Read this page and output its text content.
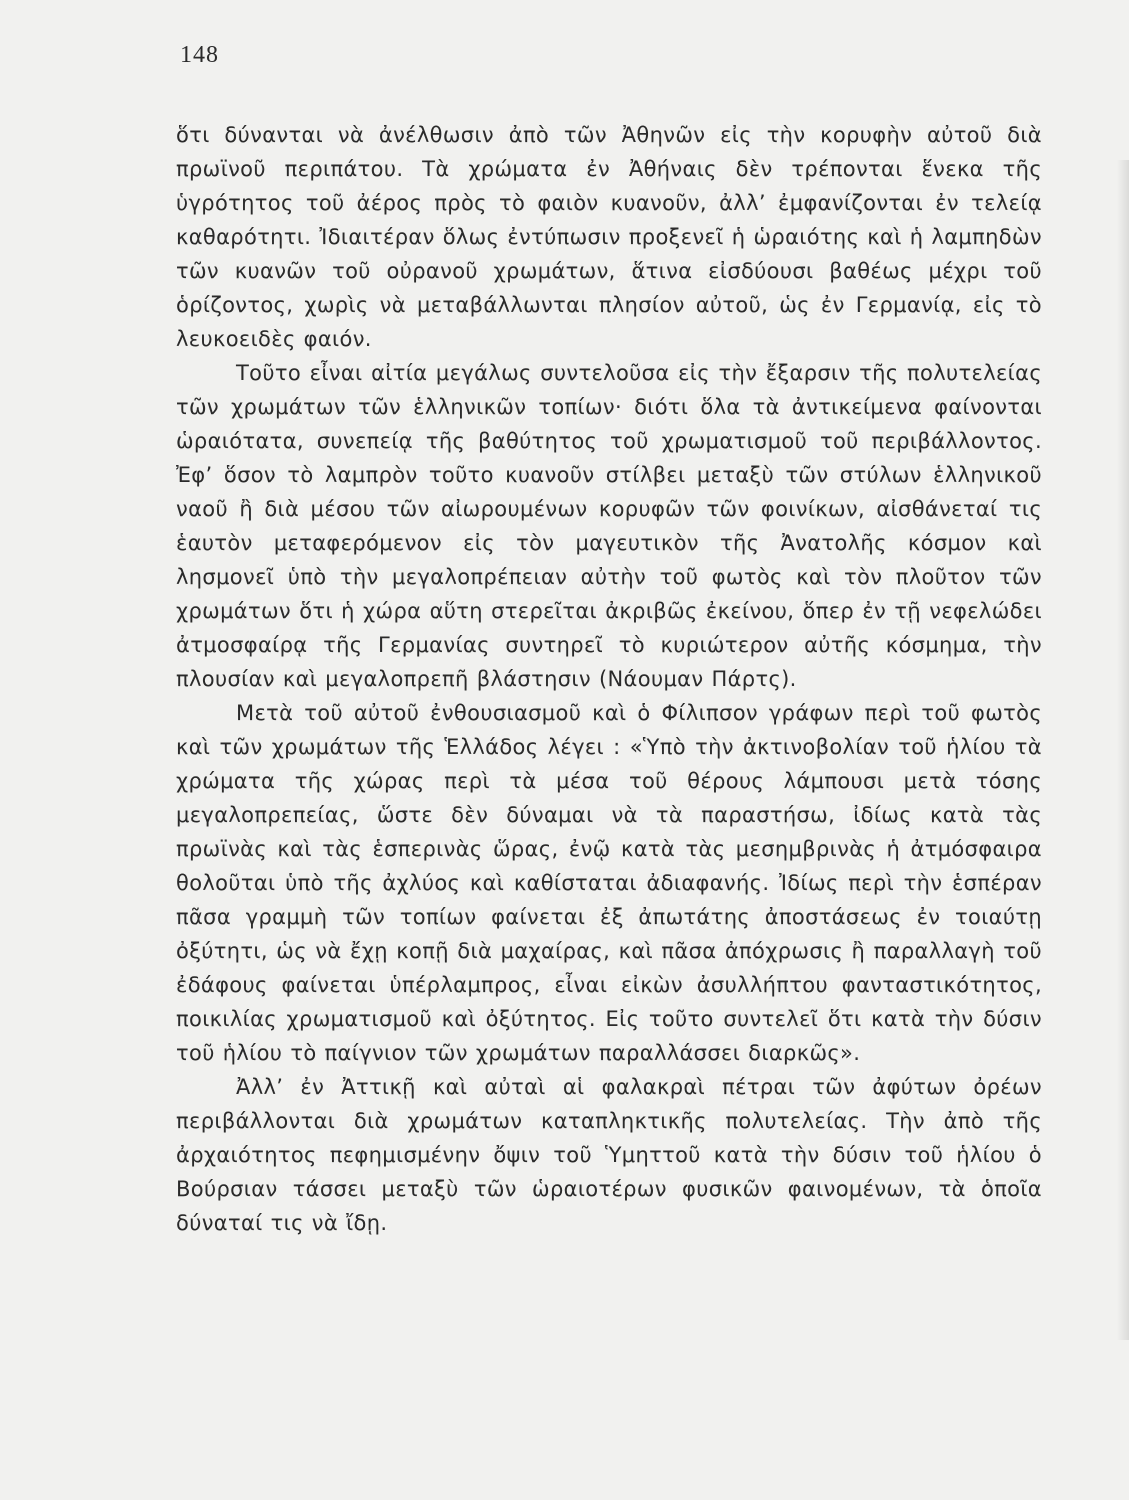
148

ὅτι δύνανται νὰ ἀνέλθωσιν ἀπὸ τῶν Ἀθηνῶν εἰς τὴν κορυφὴν αὐτοῦ διὰ πρωϊνοῦ περιπάτου. Τὰ χρώματα ἐν Ἀθήναις δὲν τρέπονται ἕνεκα τῆς ὑγρότητος τοῦ ἀέρος πρὸς τὸ φαιὸν κυανοῦν, ἀλλ’ ἐμφανίζονται ἐν τελείᾳ καθαρότητι. Ἰδιαιτέραν ὅλως ἐντύπωσιν προξενεῖ ἡ ὡραιότης καὶ ἡ λαμπηδὼν τῶν κυανῶν τοῦ οὐρανοῦ χρωμάτων, ἅτινα εἰσδύουσι βαθέως μέχρι τοῦ ὁρίζοντος, χωρὶς νὰ μεταβάλλωνται πλησίον αὐτοῦ, ὡς ἐν Γερμανίᾳ, εἰς τὸ λευκοειδὲς φαιόν.

Τοῦτο εἶναι αἰτία μεγάλως συντελοῦσα εἰς τὴν ἔξαρσιν τῆς πολυτελείας τῶν χρωμάτων τῶν ἑλληνικῶν τοπίων· διότι ὅλα τὰ ἀντικείμενα φαίνονται ὡραιότατα, συνεπείᾳ τῆς βαθύτητος τοῦ χρωματισμοῦ τοῦ περιβάλλοντος. Ἐφ’ ὅσον τὸ λαμπρὸν τοῦτο κυανοῦν στίλβει μεταξὺ τῶν στύλων ἑλληνικοῦ ναοῦ ἢ διὰ μέσου τῶν αἰωρουμένων κορυφῶν τῶν φοινίκων, αἰσθάνεταί τις ἑαυτὸν μεταφερόμενον εἰς τὸν μαγευτικὸν τῆς Ἀνατολῆς κόσμον καὶ λησμονεῖ ὑπὸ τὴν μεγαλοπρέπειαν αὐτὴν τοῦ φωτὸς καὶ τὸν πλοῦτον τῶν χρωμάτων ὅτι ἡ χώρα αὕτη στερεῖται ἀκριβῶς ἐκείνου, ὅπερ ἐν τῇ νεφελώδει ἀτμοσφαίρᾳ τῆς Γερμανίας συντηρεῖ τὸ κυριώτερον αὐτῆς κόσμημα, τὴν πλουσίαν καὶ μεγαλοπρεπῆ βλάστησιν (Νάουμαν Πάρτς).

Μετὰ τοῦ αὐτοῦ ἐνθουσιασμοῦ καὶ ὁ Φίλιπσον γράφων περὶ τοῦ φωτὸς καὶ τῶν χρωμάτων τῆς Ἑλλάδος λέγει : «Ὑπὸ τὴν ἀκτινοβολίαν τοῦ ἡλίου τὰ χρώματα τῆς χώρας περὶ τὰ μέσα τοῦ θέρους λάμπουσι μετὰ τόσης μεγαλοπρεπείας, ὥστε δὲν δύναμαι νὰ τὰ παραστήσω, ἰδίως κατὰ τὰς πρωϊνὰς καὶ τὰς ἑσπερινὰς ὥρας, ἐνῷ κατὰ τὰς μεσημβρινὰς ἡ ἀτμόσφαιρα θολοῦται ὑπὸ τῆς ἀχλύος καὶ καθίσταται ἀδιαφανής. Ἰδίως περὶ τὴν ἑσπέραν πᾶσα γραμμὴ τῶν τοπίων φαίνεται ἐξ ἀπωτάτης ἀποστάσεως ἐν τοιαύτῃ ὀξύτητι, ὡς νὰ ἔχῃ κοπῇ διὰ μαχαίρας, καὶ πᾶσα ἀπόχρωσις ἢ παραλλαγὴ τοῦ ἐδάφους φαίνεται ὑπέρλαμπρος, εἶναι εἰκὼν ἀσυλλήπτου φανταστικότητος, ποικιλίας χρωματισμοῦ καὶ ὀξύτητος. Εἰς τοῦτο συντελεῖ ὅτι κατὰ τὴν δύσιν τοῦ ἡλίου τὸ παίγνιον τῶν χρωμάτων παραλλάσσει διαρκῶς».

Ἀλλ’ ἐν Ἀττικῇ καὶ αὐταὶ αἱ φαλακραὶ πέτραι τῶν ἀφύτων ὀρέων περιβάλλονται διὰ χρωμάτων καταπληκτικῆς πολυτελείας. Τὴν ἀπὸ τῆς ἀρχαιότητος πεφημισμένην ὄψιν τοῦ Ὑμηττοῦ κατὰ τὴν δύσιν τοῦ ἡλίου ὁ Βούρσιαν τάσσει μεταξὺ τῶν ὡραιοτέρων φυσικῶν φαινομένων, τὰ ὁποῖα δύναταί τις νὰ ἴδῃ.
